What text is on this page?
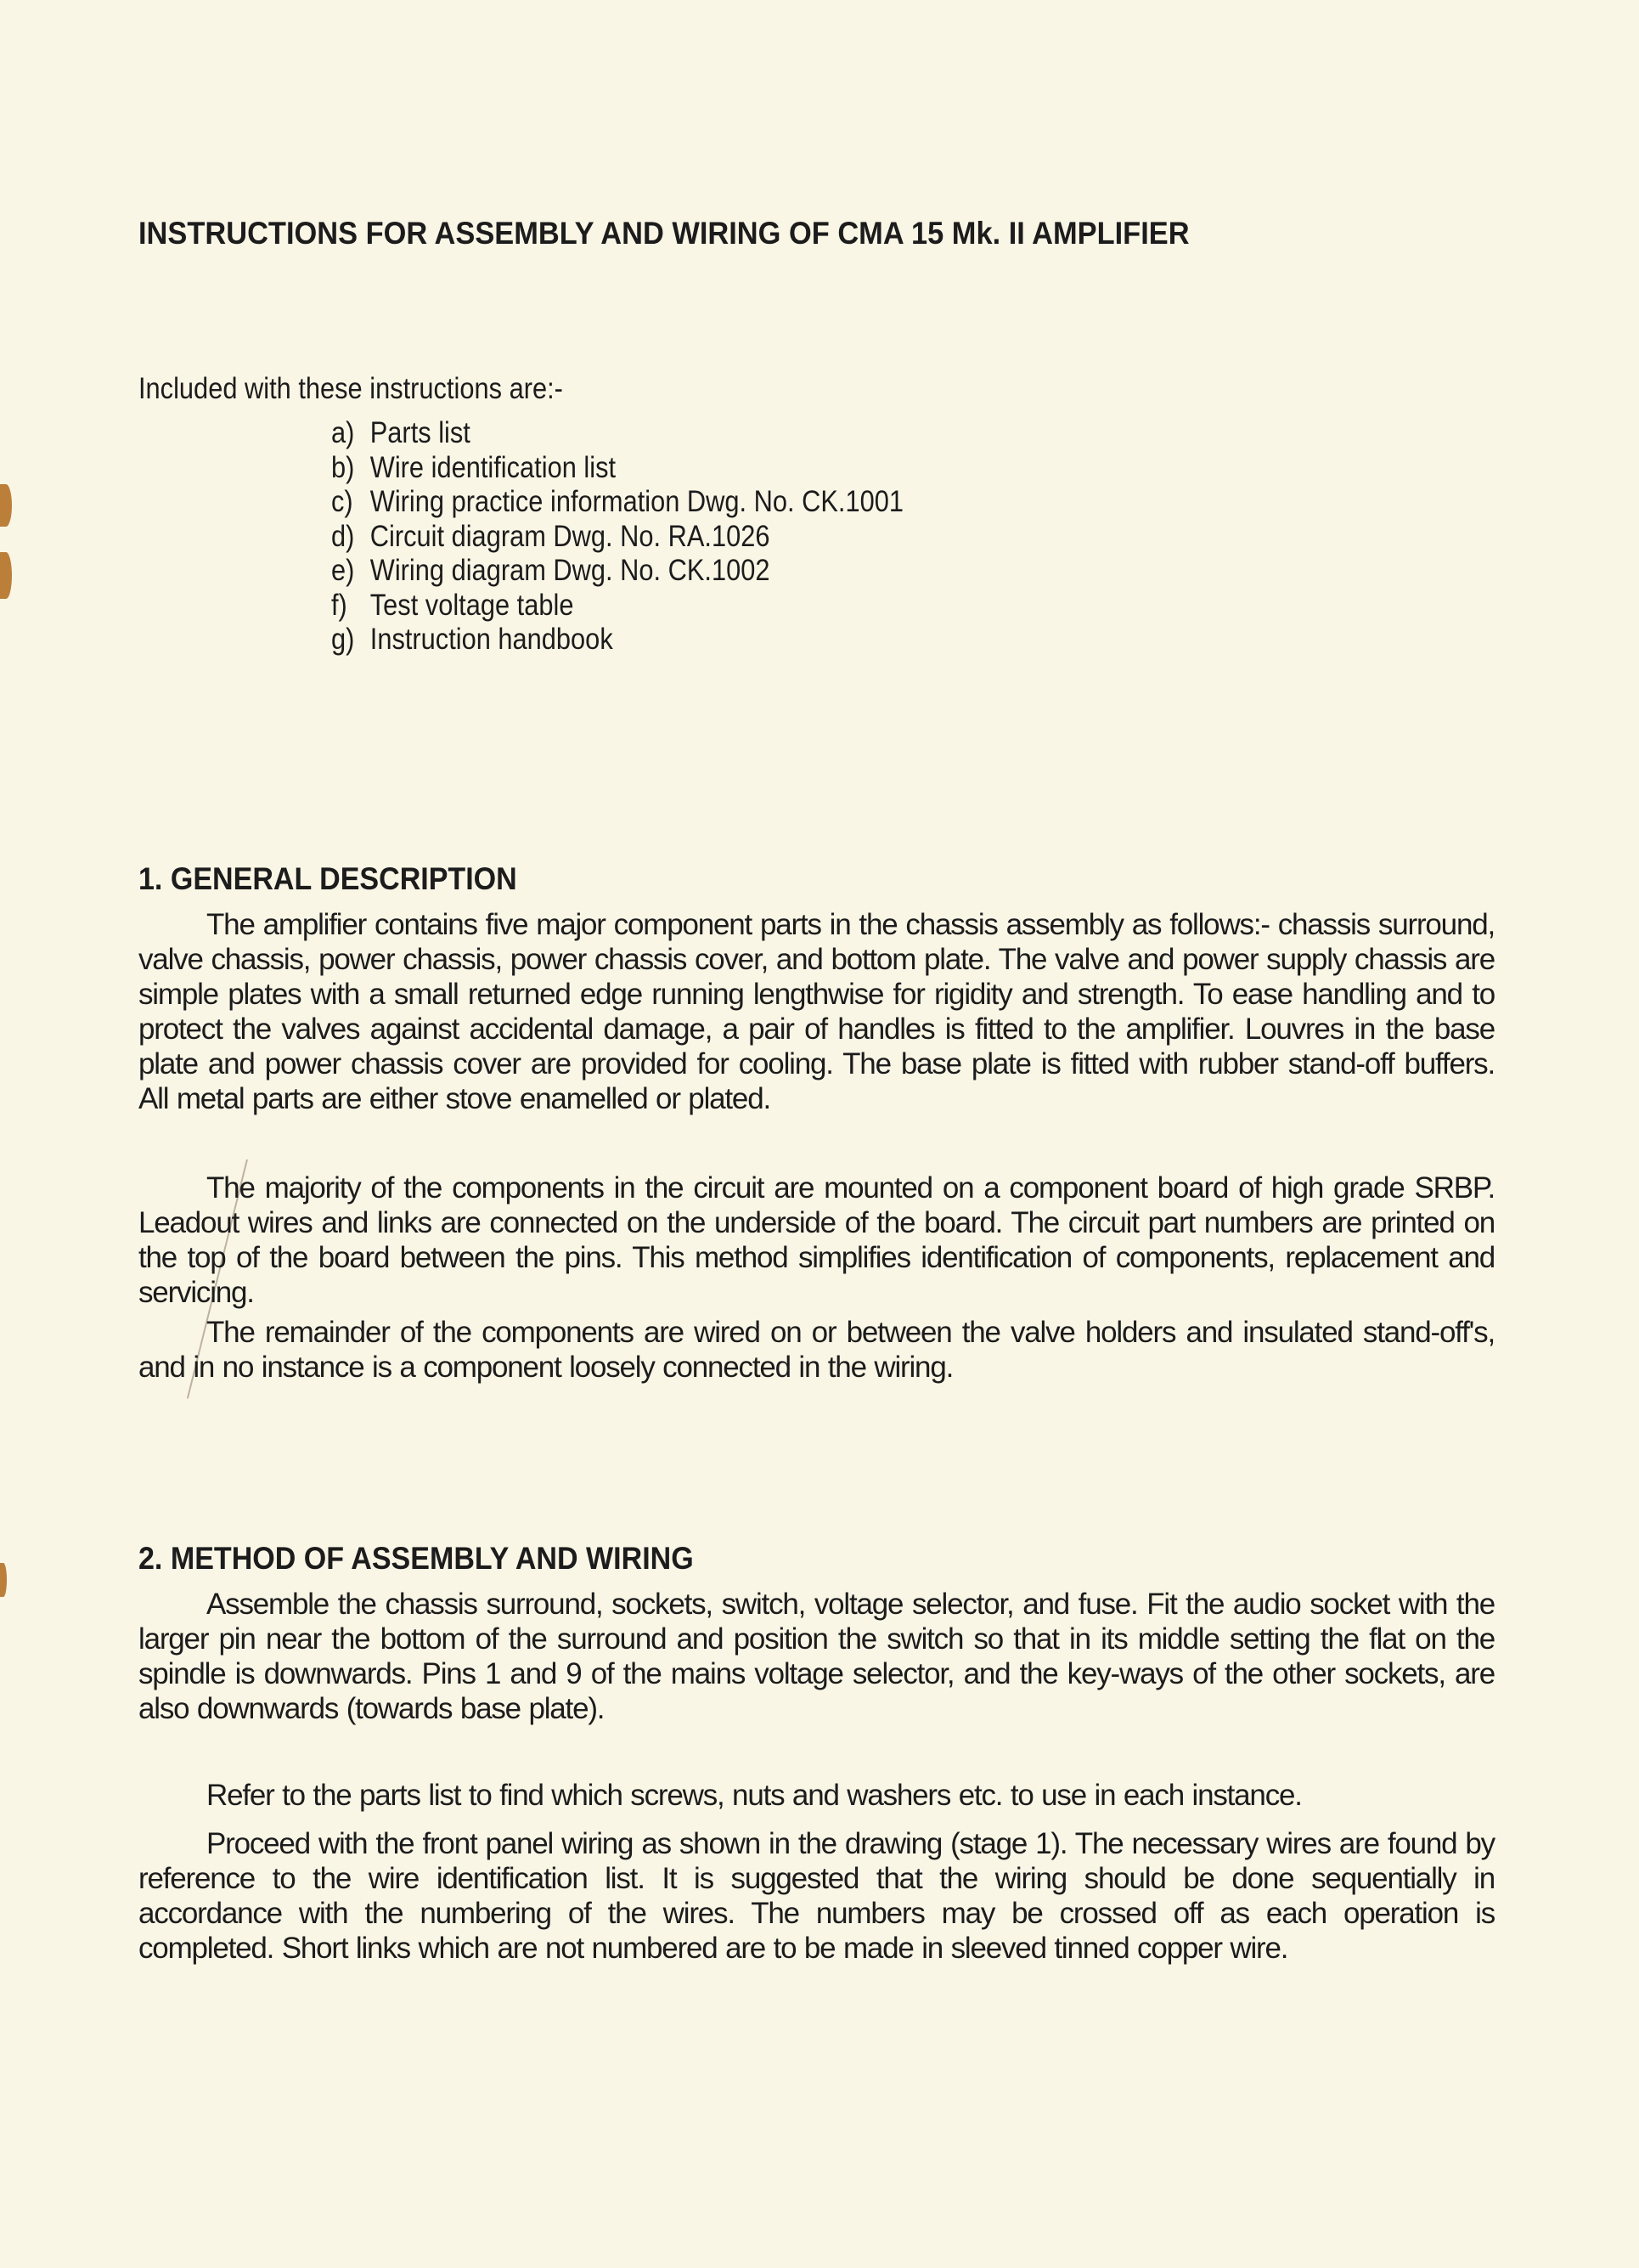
INSTRUCTIONS FOR ASSEMBLY AND WIRING OF CMA 15 Mk. II AMPLIFIER
Included with these instructions are:-
a) Parts list
b) Wire identification list
c) Wiring practice information Dwg. No. CK.1001
d) Circuit diagram Dwg. No. RA.1026
e) Wiring diagram Dwg. No. CK.1002
f) Test voltage table
g) Instruction handbook
1. GENERAL DESCRIPTION

The amplifier contains five major component parts in the chassis assembly as follows:- chassis surround, valve chassis, power chassis, power chassis cover, and bottom plate. The valve and power supply chassis are simple plates with a small returned edge running lengthwise for rigidity and strength. To ease handling and to protect the valves against accidental damage, a pair of handles is fitted to the amplifier. Louvres in the base plate and power chassis cover are provided for cooling. The base plate is fitted with rubber stand-off buffers. All metal parts are either stove enamelled or plated.

The majority of the components in the circuit are mounted on a component board of high grade SRBP. Leadout wires and links are connected on the underside of the board. The circuit part numbers are printed on the top of the board between the pins. This method simplifies identification of components, replacement and servicing.

The remainder of the components are wired on or between the valve holders and insulated stand-off's, and in no instance is a component loosely connected in the wiring.

2. METHOD OF ASSEMBLY AND WIRING

Assemble the chassis surround, sockets, switch, voltage selector, and fuse. Fit the audio socket with the larger pin near the bottom of the surround and position the switch so that in its middle setting the flat on the spindle is downwards. Pins 1 and 9 of the mains voltage selector, and the key-ways of the other sockets, are also downwards (towards base plate).

Refer to the parts list to find which screws, nuts and washers etc. to use in each instance.

Proceed with the front panel wiring as shown in the drawing (stage 1). The necessary wires are found by reference to the wire identification list. It is suggested that the wiring should be done sequentially in accordance with the numbering of the wires. The numbers may be crossed off as each operation is completed. Short links which are not numbered are to be made in sleeved tinned copper wire.
